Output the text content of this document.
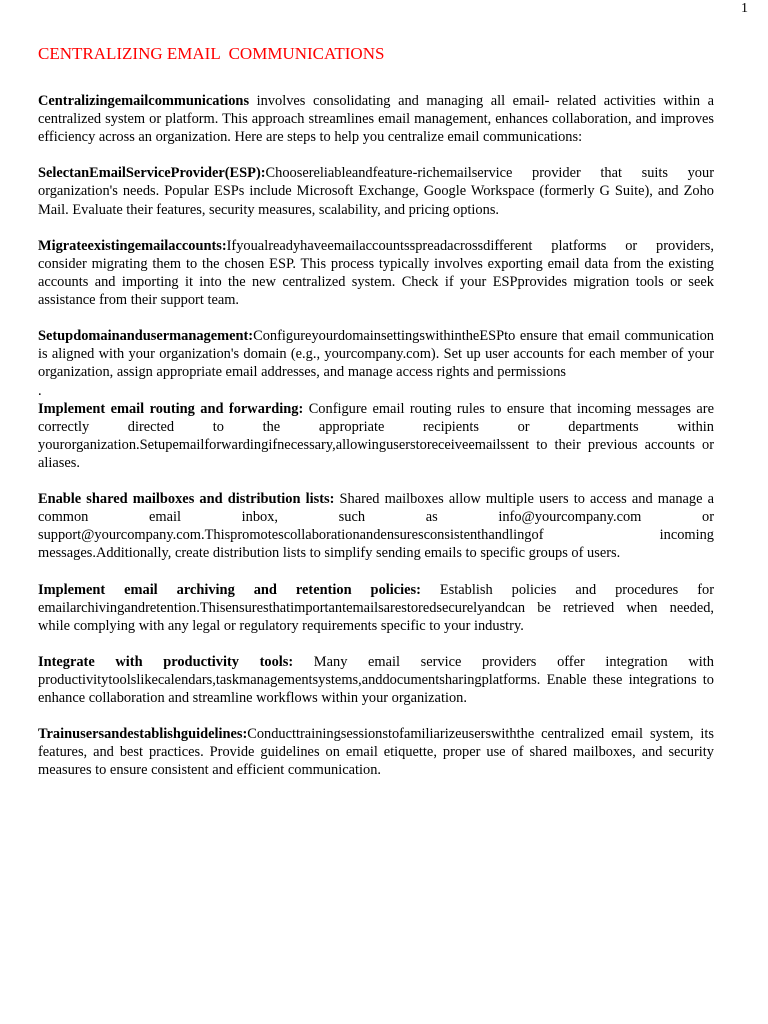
1
CENTRALIZING EMAIL  COMMUNICATIONS

Centralizingemailcommunications involves consolidating and managing all email- related activities within a centralized system or platform. This approach streamlines email management, enhances collaboration, and improves efficiency across an organization. Here are steps to help you centralize email communications:

SelectanEmailServiceProvider(ESP):Choosereliableandfeature-richemailservice provider that suits your organization's needs. Popular ESPs include Microsoft Exchange, Google Workspace (formerly G Suite), and Zoho Mail. Evaluate their features, security measures, scalability, and pricing options.

Migrateexistingemailaccounts:Ifyoualreadyhaveemailaccountsspreadacrossdifferent platforms or providers, consider migrating them to the chosen ESP. This process typically involves exporting email data from the existing accounts and importing it into the new centralized system. Check if your ESPprovides migration tools or seek assistance from their support team.

Setupdomainandusermanagement:ConfigureyourdomainsettingswithintheESPto ensure that email communication is aligned with your organization's domain (e.g., yourcompany.com). Set up user accounts for each member of your organization, assign appropriate email addresses, and manage access rights and permissions

.

Implement email routing and forwarding: Configure email routing rules to ensure that incoming messages are correctly directed to the appropriate recipients or departments within yourorganization.Setupemailforwardingifnecessary,allowinguserstoreceiveemailssent to their previous accounts or aliases.

Enable shared mailboxes and distribution lists: Shared mailboxes allow multiple users to access and manage a common email inbox, such as info@yourcompany.com or support@yourcompany.com.Thispromotescollaborationandensuresconsistenthandlingof incoming messages.Additionally, create distribution lists to simplify sending emails to specific groups of users.

Implement email archiving and retention policies: Establish policies and procedures for emailarchivingandretention.Thisensuresthatimportantemailsarestoredsecurelyandcan be retrieved when needed, while complying with any legal or regulatory requirements specific to your industry.

Integrate with productivity tools: Many email service providers offer integration with productivitytoolslikecalendars,taskmanagementsystems,anddocumentsharingplatforms. Enable these integrations to enhance collaboration and streamline workflows within your organization.

Trainusersandestablishguidelines:Conducttrainingsessionstofamiliarizeuserswiththe centralized email system, its features, and best practices. Provide guidelines on email etiquette, proper use of shared mailboxes, and security measures to ensure consistent and efficient communication.
